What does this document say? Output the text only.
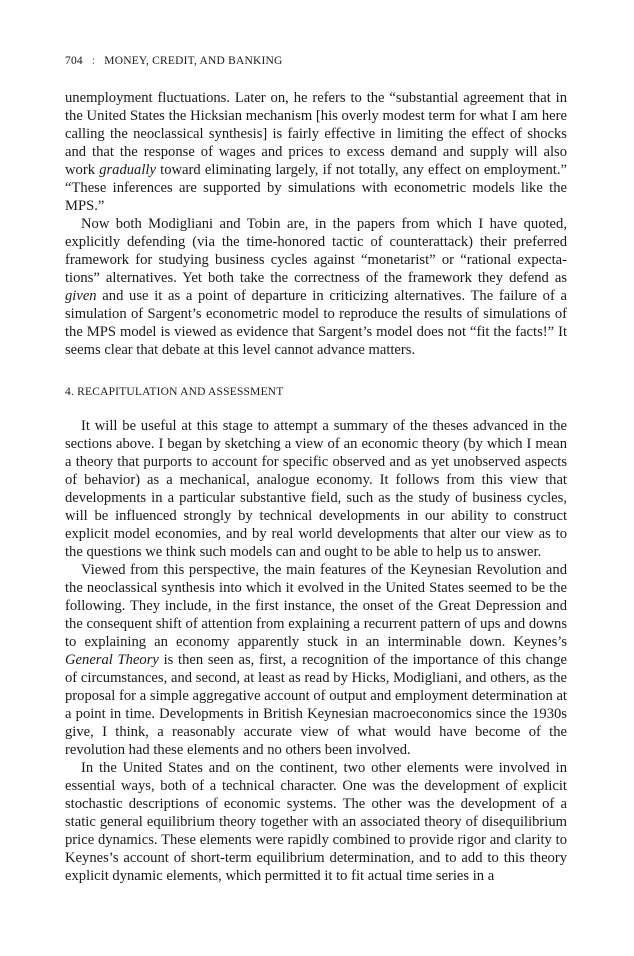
704 : MONEY, CREDIT, AND BANKING

unemployment fluctuations. Later on, he refers to the “substantial agreement that in the United States the Hicksian mechanism [his overly modest term for what I am here calling the neoclassical synthesis] is fairly effective in limiting the effect of shocks and that the response of wages and prices to excess demand and supply will also work gradually toward eliminating largely, if not totally, any effect on employment.” “These inferences are supported by simulations with econometric models like the MPS.”

Now both Modigliani and Tobin are, in the papers from which I have quoted, explicitly defending (via the time-honored tactic of counterattack) their preferred framework for studying business cycles against “monetarist” or “rational expectations” alternatives. Yet both take the correctness of the framework they defend as given and use it as a point of departure in criticizing alternatives. The failure of a simulation of Sargent’s econometric model to reproduce the results of simulations of the MPS model is viewed as evidence that Sargent’s model does not “fit the facts!” It seems clear that debate at this level cannot advance matters.

4. RECAPITULATION AND ASSESSMENT

It will be useful at this stage to attempt a summary of the theses advanced in the sections above. I began by sketching a view of an economic theory (by which I mean a theory that purports to account for specific observed and as yet unobserved aspects of behavior) as a mechanical, analogue economy. It follows from this view that developments in a particular substantive field, such as the study of business cycles, will be influenced strongly by technical developments in our ability to construct explicit model economies, and by real world developments that alter our view as to the questions we think such models can and ought to be able to help us to answer.

Viewed from this perspective, the main features of the Keynesian Revolution and the neoclassical synthesis into which it evolved in the United States seemed to be the following. They include, in the first instance, the onset of the Great Depression and the consequent shift of attention from explaining a recurrent pattern of ups and downs to explaining an economy apparently stuck in an interminable down. Keynes’s General Theory is then seen as, first, a recognition of the importance of this change of circumstances, and second, at least as read by Hicks, Modigliani, and others, as the proposal for a simple aggregative account of output and employment determination at a point in time. Developments in British Keynesian macroeconomics since the 1930s give, I think, a reasonably accurate view of what would have become of the revolution had these elements and no others been involved.

In the United States and on the continent, two other elements were involved in essential ways, both of a technical character. One was the development of explicit stochastic descriptions of economic systems. The other was the development of a static general equilibrium theory together with an associated theory of disequilibrium price dynamics. These elements were rapidly combined to provide rigor and clarity to Keynes’s account of short-term equilibrium determination, and to add to this theory explicit dynamic elements, which permitted it to fit actual time series in a
